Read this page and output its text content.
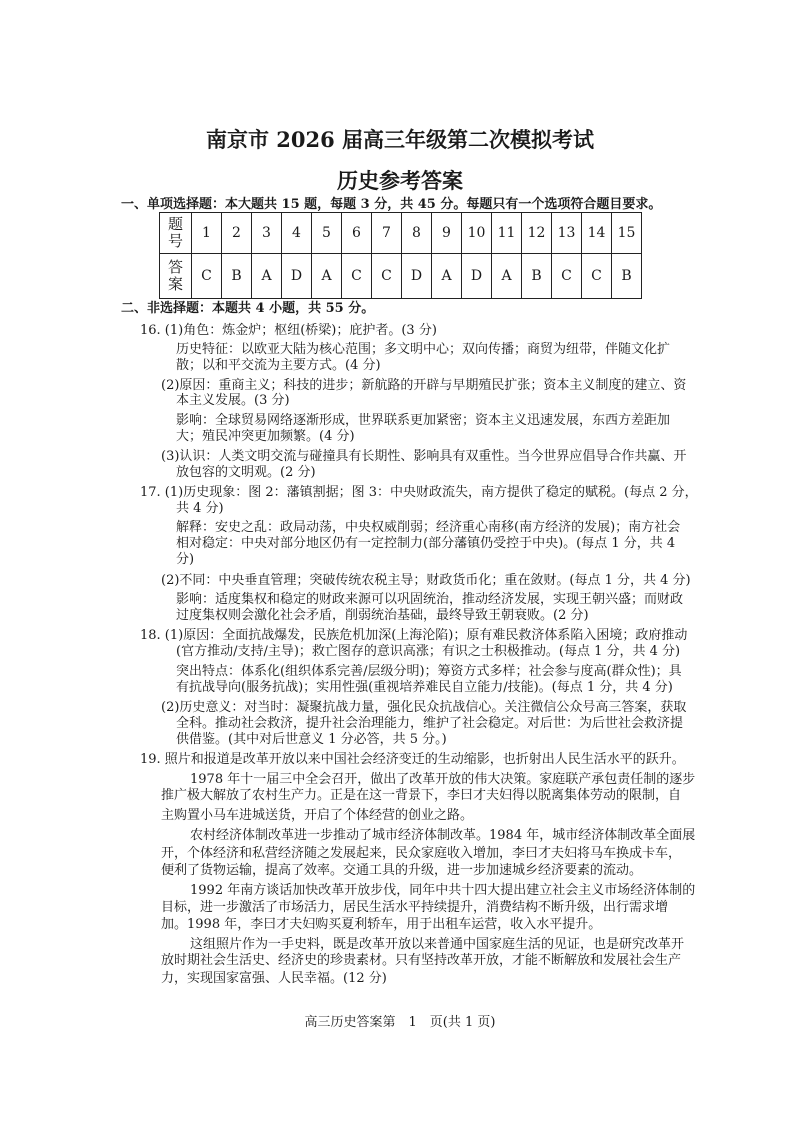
南京市 2026 届高三年级第二次模拟考试
历史参考答案
一、单项选择题：本大题共 15 题，每题 3 分，共 45 分。每题只有一个选项符合题目要求。
题号	1	2	3	4	5	6	7	8	9	10	11	12	13	14	15
答案	C	B	A	D	A	C	C	D	A	D	A	B	C	C	B
二、非选择题：本题共 4 小题，共 55 分。
16. (1)角色：炼金炉；枢纽(桥梁)；庇护者。(3 分)
历史特征：以欧亚大陆为核心范围；多文明中心；双向传播；商贸为纽带，伴随文化扩
散；以和平交流为主要方式。(4 分)
(2)原因：重商主义；科技的进步；新航路的开辟与早期殖民扩张；资本主义制度的建立、资
本主义发展。(3 分)
影响：全球贸易网络逐渐形成，世界联系更加紧密；资本主义迅速发展，东西方差距加
大；殖民冲突更加频繁。(4 分)
(3)认识：人类文明交流与碰撞具有长期性、影响具有双重性。当今世界应倡导合作共赢、开
放包容的文明观。(2 分)
17. (1)历史现象：图 2：藩镇割据；图 3：中央财政流失，南方提供了稳定的赋税。(每点 2 分，
共 4 分)
解释：安史之乱：政局动荡，中央权威削弱；经济重心南移(南方经济的发展)；南方社会
相对稳定：中央对部分地区仍有一定控制力(部分藩镇仍受控于中央)。(每点 1 分，共 4
分)
(2)不同：中央垂直管理；突破传统农税主导；财政货币化；重在敛财。(每点 1 分，共 4 分)
影响：适度集权和稳定的财政来源可以巩固统治，推动经济发展，实现王朝兴盛；而财政
过度集权则会激化社会矛盾，削弱统治基础，最终导致王朝衰败。(2 分)
18. (1)原因：全面抗战爆发，民族危机加深(上海沦陷)；原有难民救济体系陷入困境；政府推动
(官方推动/支持/主导)；救亡图存的意识高涨；有识之士积极推动。(每点 1 分，共 4 分)
突出特点：体系化(组织体系完善/层级分明)；筹资方式多样；社会参与度高(群众性)；具
有抗战导向(服务抗战)；实用性强(重视培养难民自立能力/技能)。(每点 1 分，共 4 分)
(2)历史意义：对当时：凝聚抗战力量，强化民众抗战信心。关注微信公众号高三答案，获取
全科。推动社会救济，提升社会治理能力，维护了社会稳定。对后世：为后世社会救济提
供借鉴。(其中对后世意义 1 分必答，共 5 分。)
19. 照片和报道是改革开放以来中国社会经济变迁的生动缩影，也折射出人民生活水平的跃升。
1978 年十一届三中全会召开，做出了改革开放的伟大决策。家庭联产承包责任制的逐步
推广极大解放了农村生产力。正是在这一背景下，李曰才夫妇得以脱离集体劳动的限制，自
主购置小马车进城送货，开启了个体经营的创业之路。
农村经济体制改革进一步推动了城市经济体制改革。1984 年，城市经济体制改革全面展
开，个体经济和私营经济随之发展起来，民众家庭收入增加，李曰才夫妇将马车换成卡车，
便利了货物运输，提高了效率。交通工具的升级，进一步加速城乡经济要素的流动。
1992 年南方谈话加快改革开放步伐，同年中共十四大提出建立社会主义市场经济体制的
目标，进一步激活了市场活力，居民生活水平持续提升，消费结构不断升级，出行需求增
加。1998 年，李曰才夫妇购买夏利轿车，用于出租车运营，收入水平提升。
这组照片作为一手史料，既是改革开放以来普通中国家庭生活的见证，也是研究改革开
放时期社会生活史、经济史的珍贵素材。只有坚持改革开放，才能不断解放和发展社会生产
力，实现国家富强、人民幸福。(12 分)
高三历史答案第　1　页(共 1 页)
